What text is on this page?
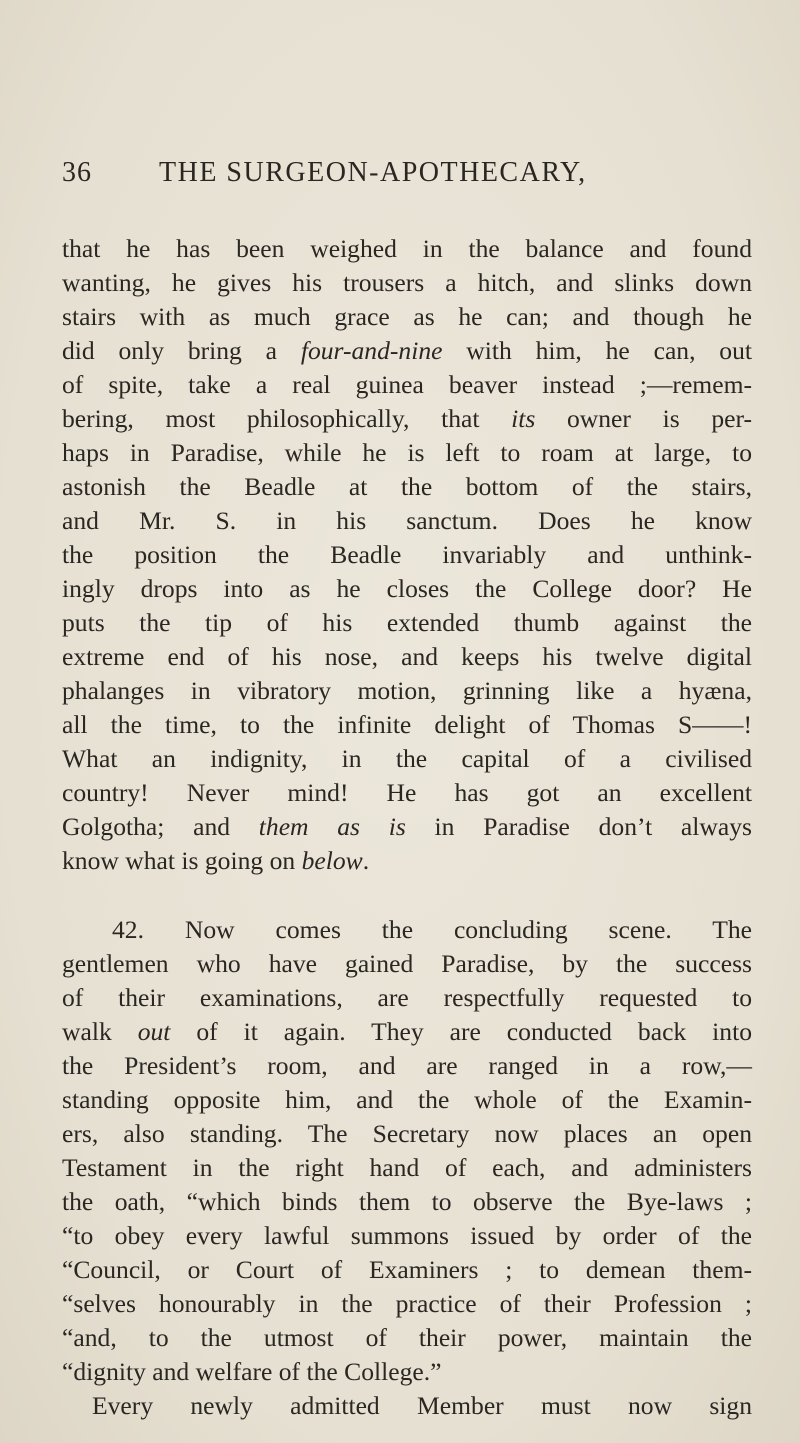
36 THE SURGEON-APOTHECARY,
that he has been weighed in the balance and found
wanting, he gives his trousers a hitch, and slinks down
stairs with as much grace as he can; and though he
did only bring a four-and-nine with him, he can, out
of spite, take a real guinea beaver instead ;—remem-
bering, most philosophically, that its owner is per-
haps in Paradise, while he is left to roam at large, to
astonish the Beadle at the bottom of the stairs,
and Mr. S. in his sanctum. Does he know
the position the Beadle invariably and unthink-
ingly drops into as he closes the College door? He
puts the tip of his extended thumb against the
extreme end of his nose, and keeps his twelve digital
phalanges in vibratory motion, grinning like a hyæna,
all the time, to the infinite delight of Thomas S——!
What an indignity, in the capital of a civilised
country! Never mind! He has got an excellent
Golgotha; and them as is in Paradise don’t always
know what is going on below.
42. Now comes the concluding scene. The
gentlemen who have gained Paradise, by the success
of their examinations, are respectfully requested to
walk out of it again. They are conducted back into
the President’s room, and are ranged in a row,—
standing opposite him, and the whole of the Examin-
ers, also standing. The Secretary now places an open
Testament in the right hand of each, and administers
the oath, “which binds them to observe the Bye-laws ;
“to obey every lawful summons issued by order of the
“Council, or Court of Examiners ; to demean them-
“selves honourably in the practice of their Profession ;
“and, to the utmost of their power, maintain the
“dignity and welfare of the College.”
Every newly admitted Member must now sign
